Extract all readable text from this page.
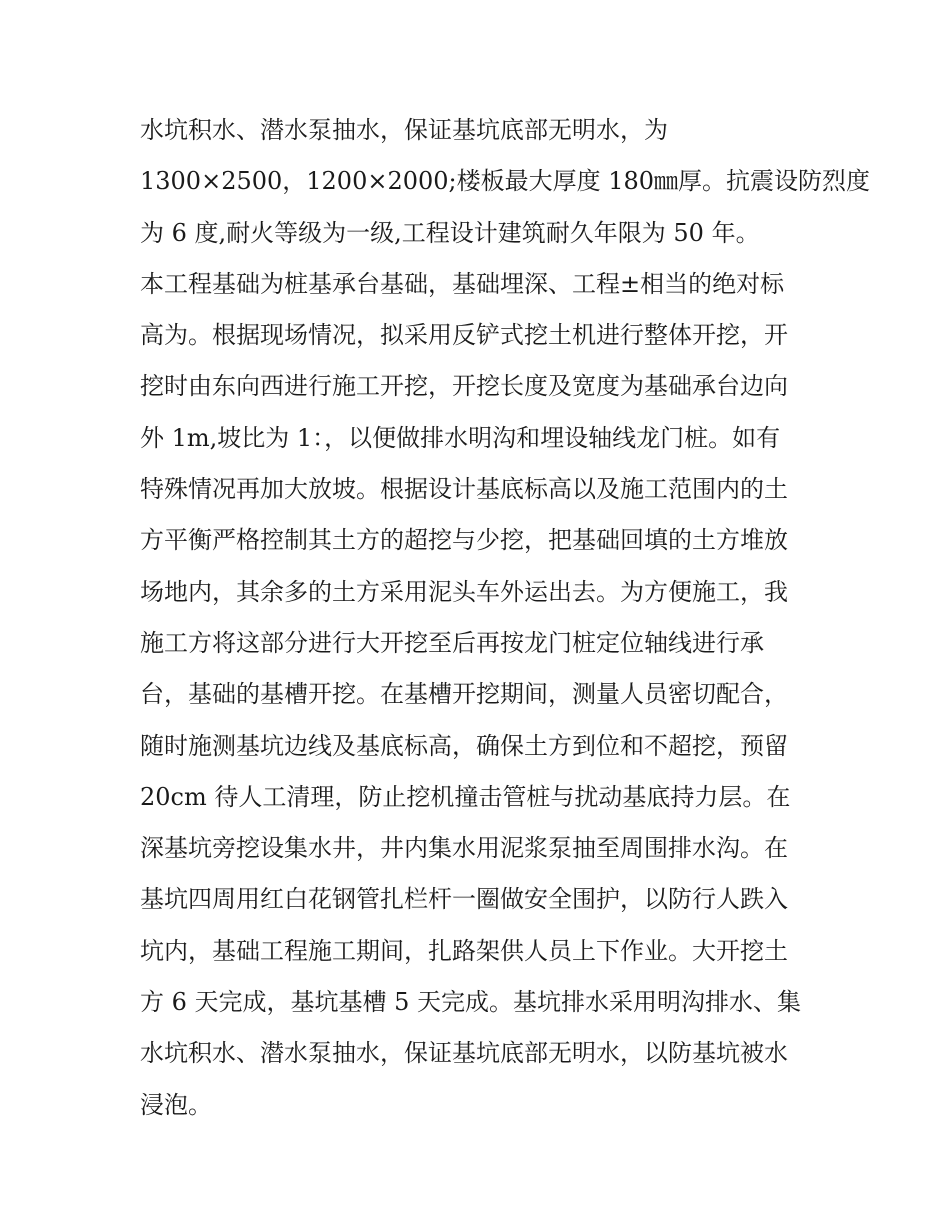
水坑积水、潜水泵抽水，保证基坑底部无明水，为
1300×2500，1200×2000;楼板最大厚度 180㎜厚。抗震设防烈度
为 6 度,耐火等级为一级,工程设计建筑耐久年限为 50 年。
本工程基础为桩基承台基础，基础埋深、工程±相当的绝对标
高为。根据现场情况，拟采用反铲式挖土机进行整体开挖，开
挖时由东向西进行施工开挖，开挖长度及宽度为基础承台边向
外 1m,坡比为 1：，以便做排水明沟和埋设轴线龙门桩。如有
特殊情况再加大放坡。根据设计基底标高以及施工范围内的土
方平衡严格控制其土方的超挖与少挖，把基础回填的土方堆放
场地内，其余多的土方采用泥头车外运出去。为方便施工，我
施工方将这部分进行大开挖至后再按龙门桩定位轴线进行承
台，基础的基槽开挖。在基槽开挖期间，测量人员密切配合，
随时施测基坑边线及基底标高，确保土方到位和不超挖，预留
20cm 待人工清理，防止挖机撞击管桩与扰动基底持力层。在
深基坑旁挖设集水井，井内集水用泥浆泵抽至周围排水沟。在
基坑四周用红白花钢管扎栏杆一圈做安全围护，以防行人跌入
坑内，基础工程施工期间，扎路架供人员上下作业。大开挖土
方 6 天完成，基坑基槽 5 天完成。基坑排水采用明沟排水、集
水坑积水、潜水泵抽水，保证基坑底部无明水，以防基坑被水
浸泡。
